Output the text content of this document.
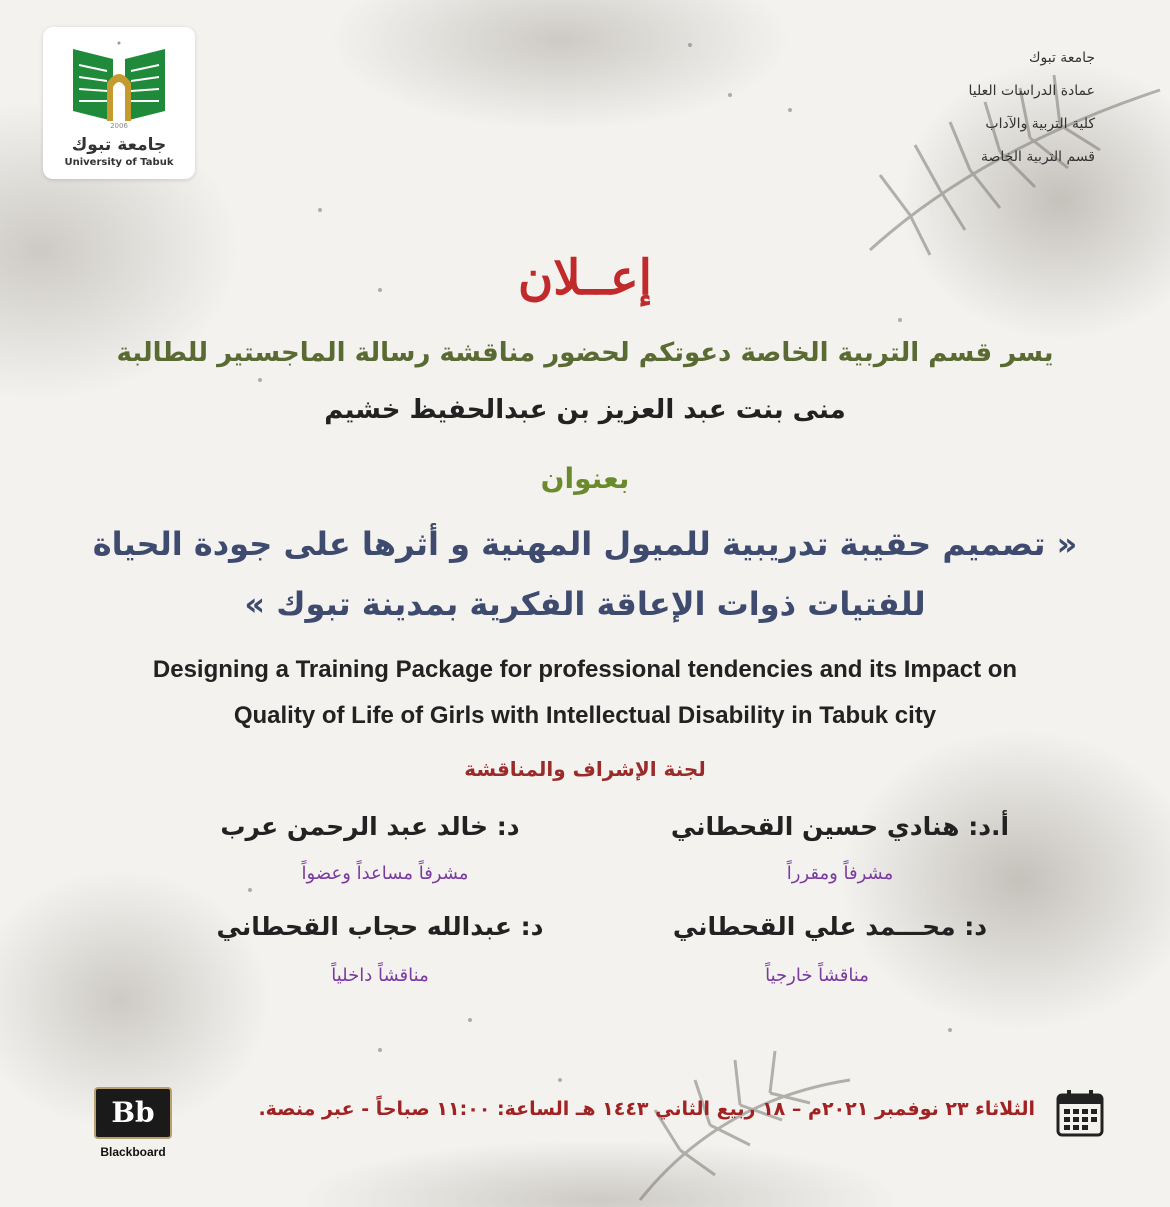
2006
جامعة تبوك
University of Tabuk
جامعة تبوك
عمادة الدراسات العليا
كلية التربية والآداب
قسم التربية الخاصة
إعــلان
يسر قسم التربية الخاصة دعوتكم لحضور مناقشة رسالة الماجستير للطالبة
منى بنت عبد العزيز بن عبدالحفيظ خشيم
بعنوان
« تصميم حقيبة تدريبية للميول المهنية و أثرها على جودة الحياة
للفتيات ذوات الإعاقة الفكرية بمدينة تبوك »
Designing a Training Package for professional tendencies and its Impact on
Quality of Life of Girls with Intellectual Disability in Tabuk city
لجنة الإشراف والمناقشة
أ.د: هنادي حسين القحطاني
مشرفاً ومقرراً
د: خالد عبد الرحمن عرب
مشرفاً مساعداً وعضواً
د: محـــمد علي القحطاني
مناقشاً خارجياً
د: عبدالله حجاب القحطاني
مناقشاً داخلياً
الثلاثاء ٢٣ نوفمبر ٢٠٢١م – ١٨ ربيع الثاني ١٤٤٣ هـ الساعة: ١١:٠٠ صباحاً - عبر منصة.
Bb
Blackboard
